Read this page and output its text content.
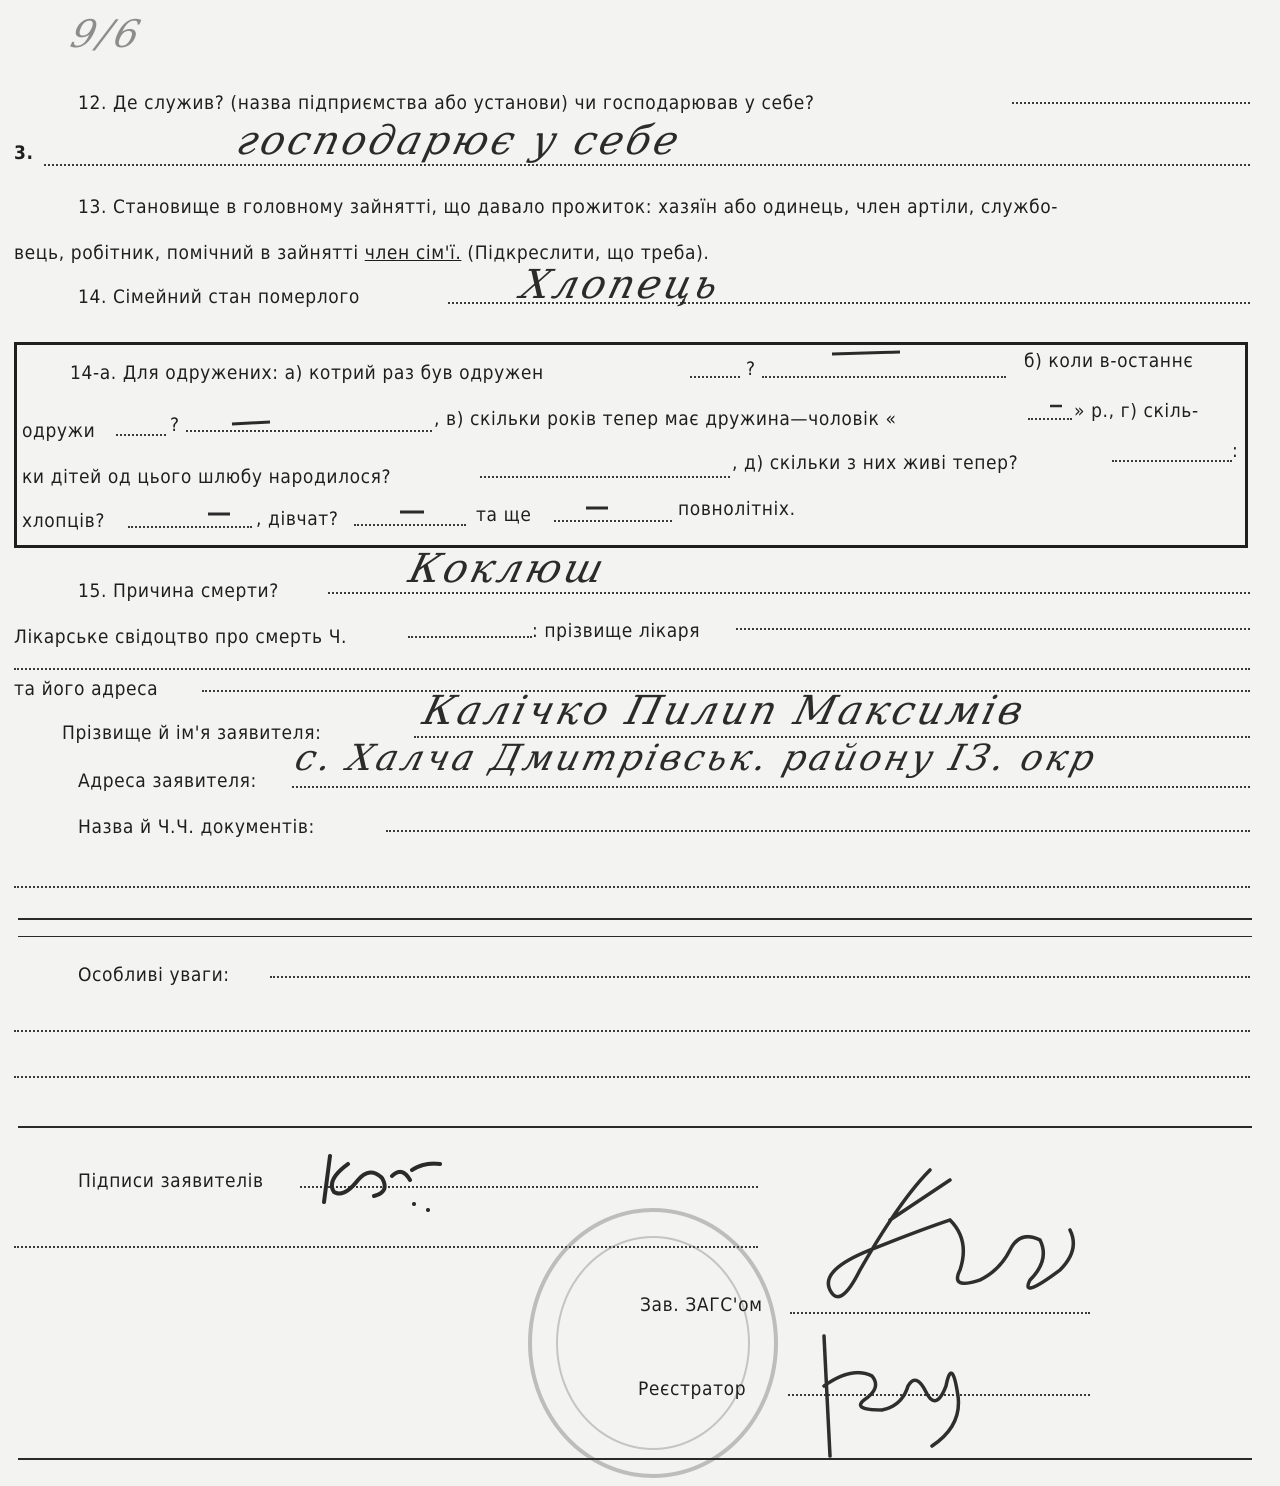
9/6
12. Де служив? (назва підприємства або установи) чи господарював у себе?
3.	господарює у себе
13. Становище в головному зайнятті, що давало прожиток: хазяїн або одинець, член артіли, службо-
вець, робітник, помічний в зайнятті член сім'ї. (Підкреслити, що треба).
14. Сімейний стан померлого	Хлопець
14-а. Для одружених: а) котрий раз був одружен	?	б) коли в-останнє
одружи	?	, в) скільки років тепер має дружина—чоловік «	» р., г) скіль-
ки дітей од цього шлюбу народилося?
, д) скільки з них живі тепер?
:
хлопців?	, дівчат?	та ще	повнолітніх.
15. Причина смерти?	Коклюш
Лікарське свідоцтво про смерть Ч.	: прізвище лікаря
та його адреса
Прізвище й ім'я заявителя: Калічко Пилип Максимів
Адреса заявителя:
с. Халча Дмитрівськ. району ІЗ. окр
Назва й Ч.Ч. документів:
Особливі уваги:
Підписи заявителів
Зав. ЗАГС'ом
Реєстратор
